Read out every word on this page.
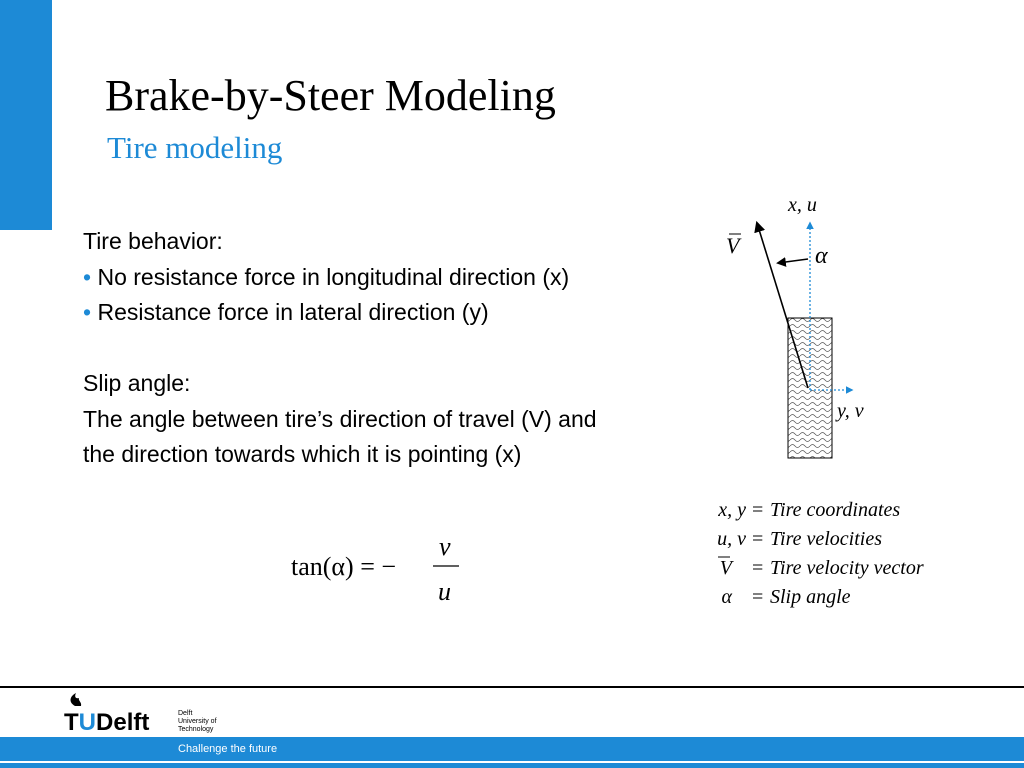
Brake-by-Steer Modeling
Tire modeling
Tire behavior:
• No resistance force in longitudinal direction (x)
• Resistance force in lateral direction (y)
Slip angle:
The angle between tire’s direction of travel (V) and
the direction towards which it is pointing (x)
x, u
V	α
y, v
tan(α) = −
v
u
x, y = Tire coordinates
u, v = Tire velocities
V = Tire velocity vector
α = Slip angle
TUDelft	Delft
University of
Technology
Challenge the future
